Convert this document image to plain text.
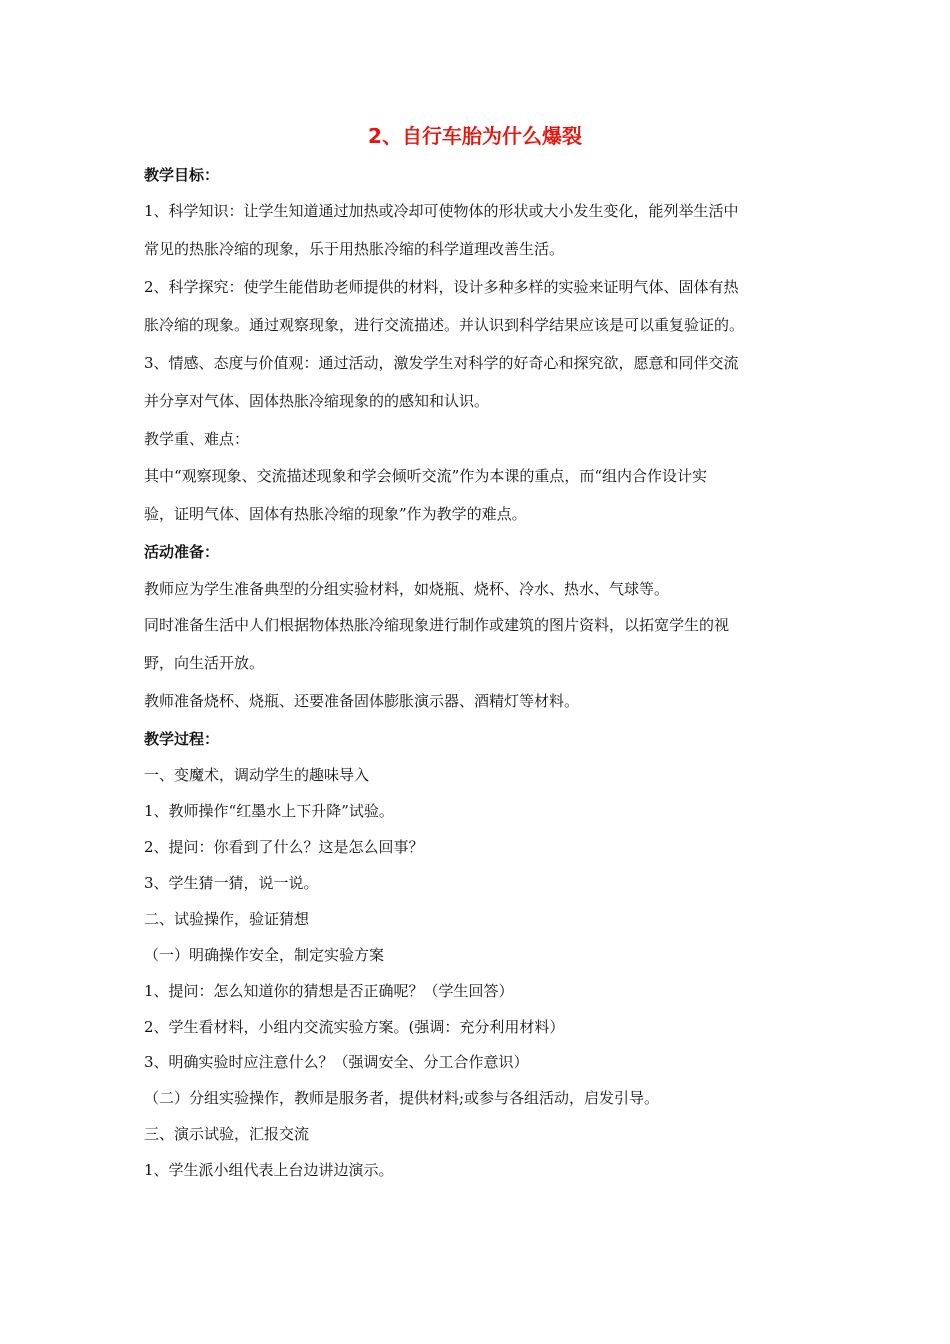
2、自行车胎为什么爆裂
教学目标：
1、科学知识：让学生知道通过加热或冷却可使物体的形状或大小发生变化，能列举生活中
常见的热胀冷缩的现象，乐于用热胀冷缩的科学道理改善生活。
2、科学探究：使学生能借助老师提供的材料，设计多种多样的实验来证明气体、固体有热
胀冷缩的现象。通过观察现象，进行交流描述。并认识到科学结果应该是可以重复验证的。
3、情感、态度与价值观：通过活动，激发学生对科学的好奇心和探究欲，愿意和同伴交流
并分享对气体、固体热胀冷缩现象的的感知和认识。
教学重、难点：
其中“观察现象、交流描述现象和学会倾听交流”作为本课的重点，而“组内合作设计实
验，证明气体、固体有热胀冷缩的现象”作为教学的难点。
活动准备：
教师应为学生准备典型的分组实验材料，如烧瓶、烧杯、冷水、热水、气球等。
同时准备生活中人们根据物体热胀冷缩现象进行制作或建筑的图片资料，以拓宽学生的视
野，向生活开放。
教师准备烧杯、烧瓶、还要准备固体膨胀演示器、酒精灯等材料。
教学过程：
一、变魔术，调动学生的趣味导入
1、教师操作“红墨水上下升降”试验。
2、提问：你看到了什么？这是怎么回事？
3、学生猜一猜，说一说。
二、试验操作，验证猜想
（一）明确操作安全，制定实验方案
1、提问：怎么知道你的猜想是否正确呢？（学生回答）
2、学生看材料，小组内交流实验方案。(强调：充分利用材料）
3、明确实验时应注意什么？（强调安全、分工合作意识）
（二）分组实验操作，教师是服务者，提供材料;或参与各组活动，启发引导。
三、演示试验，汇报交流
1、学生派小组代表上台边讲边演示。
